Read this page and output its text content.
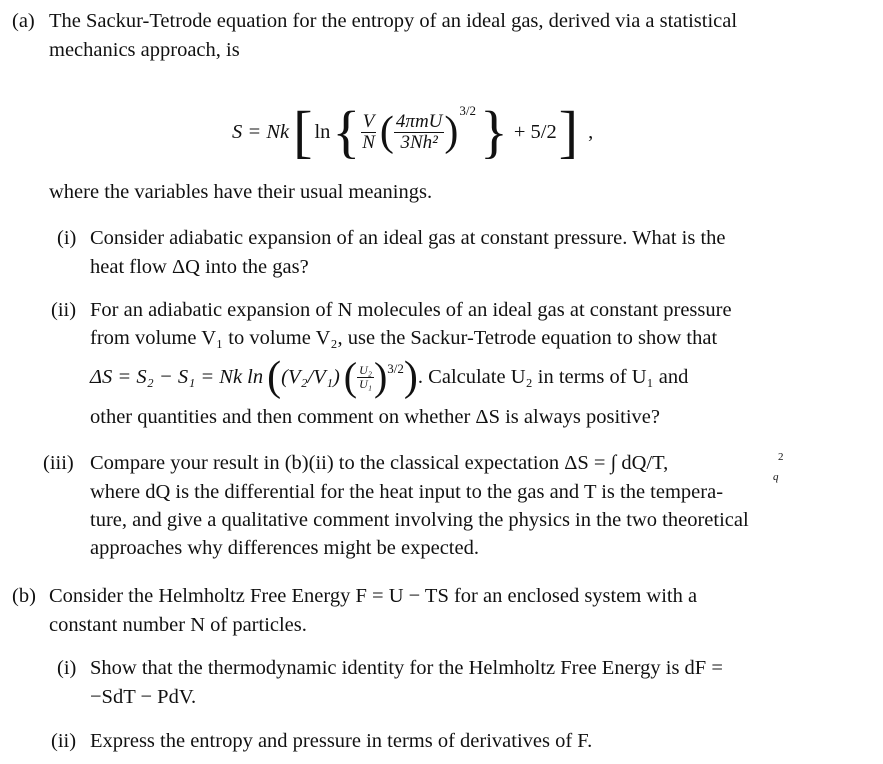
(a) The Sackur-Tetrode equation for the entropy of an ideal gas, derived via a statistical
mechanics approach, is
S = Nk [ ln { $\frac{V}{N}$ ( $\frac{\text{4πmU}}{\text{3Nh²}}$ ) 3/2 } + 5/2 ] ,
where the variables have their usual meanings.
(i) Consider adiabatic expansion of an ideal gas at constant pressure. What is the
heat flow ΔQ into the gas?
(ii) For an adiabatic expansion of N molecules of an ideal gas at constant pressure
from volume V₁ to volume V₂, use the Sackur-Tetrode equation to show that
ΔS = S₂ − S₁ = Nk ln ( (V₂/V₁) ( $\frac{\text{U₂}}{\text{U₁}}$ ) 3/2 ) . Calculate U₂ in terms of U₁ and
other quantities and then comment on whether ΔS is always positive?
(iii) Compare your result in (b)(ii) to the classical expectation ΔS = ∫ dQ/T,	2
q
where dQ is the differential for the heat input to the gas and T is the tempera-
ture, and give a qualitative comment involving the physics in the two theoretical
approaches why differences might be expected.
(b) Consider the Helmholtz Free Energy F = U − TS for an enclosed system with a
constant number N of particles.
(i) Show that the thermodynamic identity for the Helmholtz Free Energy is dF =
−SdT − PdV.
(ii) Express the entropy and pressure in terms of derivatives of F.
